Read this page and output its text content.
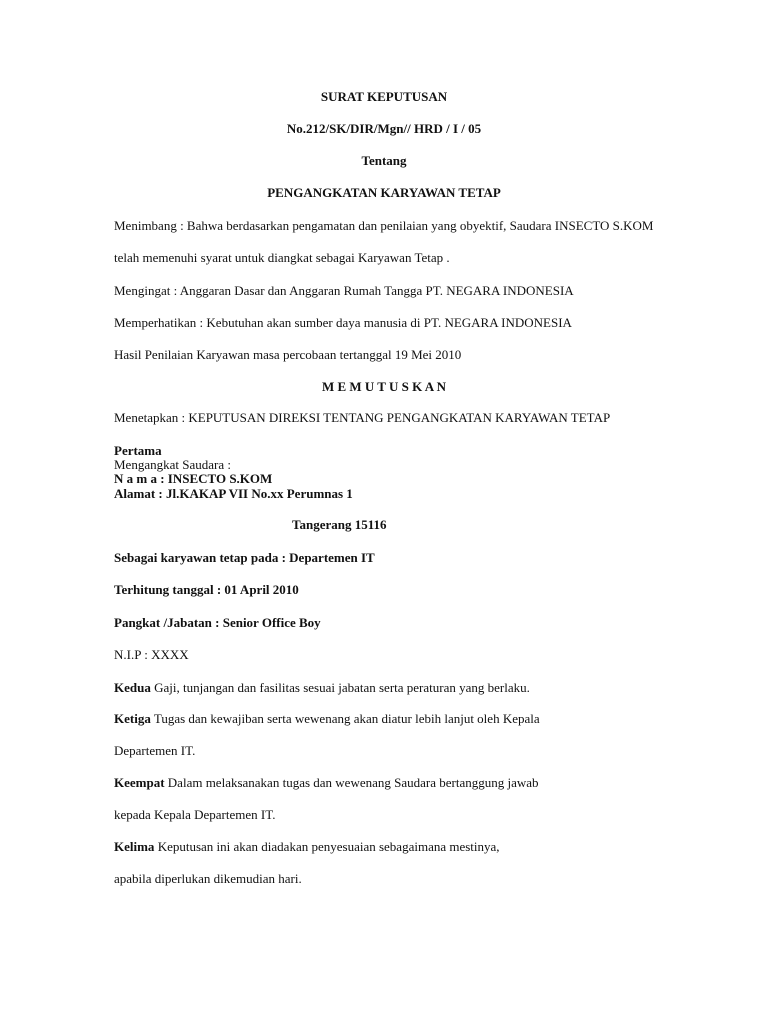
SURAT KEPUTUSAN
No.212/SK/DIR/Mgn// HRD / I / 05
Tentang
PENGANGKATAN KARYAWAN TETAP
Menimbang : Bahwa berdasarkan pengamatan dan penilaian yang obyektif, Saudara INSECTO S.KOM
telah memenuhi syarat untuk diangkat sebagai Karyawan Tetap .
Mengingat : Anggaran Dasar dan Anggaran Rumah Tangga PT. NEGARA INDONESIA
Memperhatikan : Kebutuhan akan sumber daya manusia di PT. NEGARA INDONESIA
Hasil Penilaian Karyawan masa percobaan tertanggal 19 Mei 2010
M E M U T U S K A N
Menetapkan : KEPUTUSAN DIREKSI TENTANG PENGANGKATAN KARYAWAN TETAP
Pertama
Mengangkat Saudara :
N a m a : INSECTO S.KOM
Alamat : Jl.KAKAP VII No.xx Perumnas 1
Tangerang 15116
Sebagai karyawan tetap pada : Departemen IT
Terhitung tanggal : 01 April 2010
Pangkat /Jabatan : Senior Office Boy
N.I.P : XXXX
Kedua Gaji, tunjangan dan fasilitas sesuai jabatan serta peraturan yang berlaku.
Ketiga Tugas dan kewajiban serta wewenang akan diatur lebih lanjut oleh Kepala
Departemen IT.
Keempat Dalam melaksanakan tugas dan wewenang Saudara bertanggung jawab
kepada Kepala Departemen IT.
Kelima Keputusan ini akan diadakan penyesuaian sebagaimana mestinya,
apabila diperlukan dikemudian hari.
